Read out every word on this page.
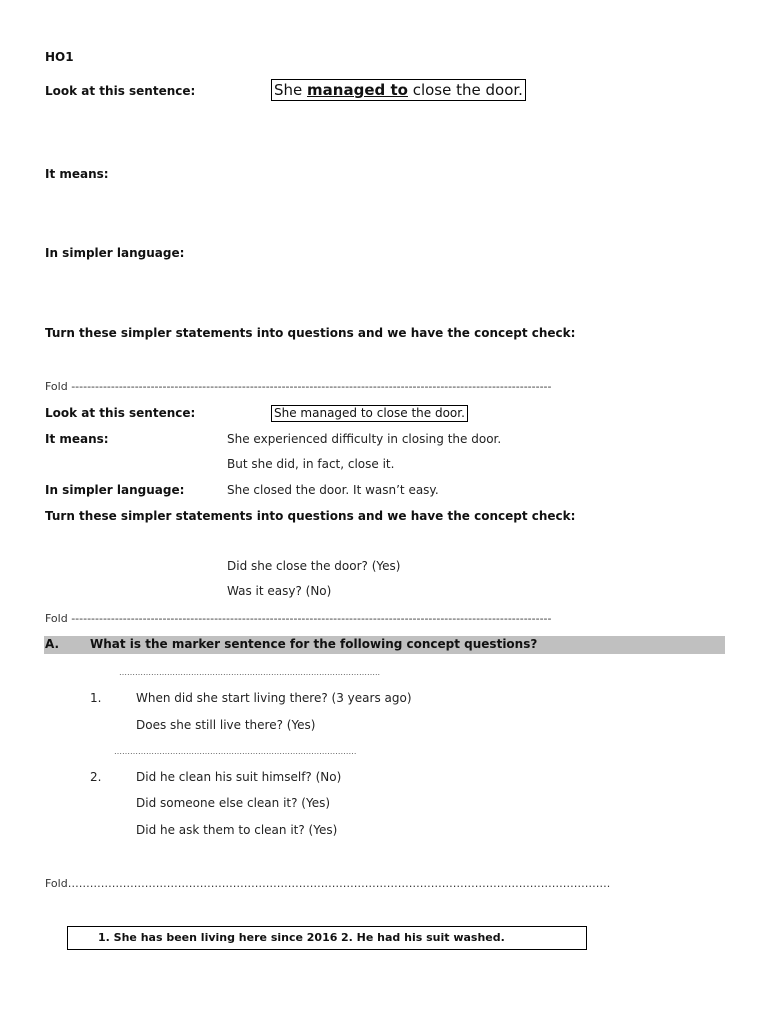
HO1
Look at this sentence:	She managed to close the door.
It means:
In simpler language:
Turn these simpler statements into questions and we have the concept check:
Fold -------------------------------------------------------------------------------------------------------------------------
Look at this sentence:	She managed to close the door.
It means:	She experienced difficulty in closing the door.
But she did, in fact, close it.
In simpler language:	She closed the door. It wasn’t easy.
Turn these simpler statements into questions and we have the concept check:
Did she close the door? (Yes)
Was it easy? (No)
Fold -------------------------------------------------------------------------------------------------------------------------
A.	What is the marker sentence for the following concept questions?
……………………………………………………………………………………..
1.	When did she start living there? (3 years ago)
Does she still live there? (Yes)
…………………………………………………………….…………………
2.	Did he clean his suit himself? (No)
Did someone else clean it? (Yes)
Did he ask them to clean it? (Yes)
Fold………………………………………………………………………………………………………………………………….
1. She has been living here since 2016 2. He had his suit washed.
